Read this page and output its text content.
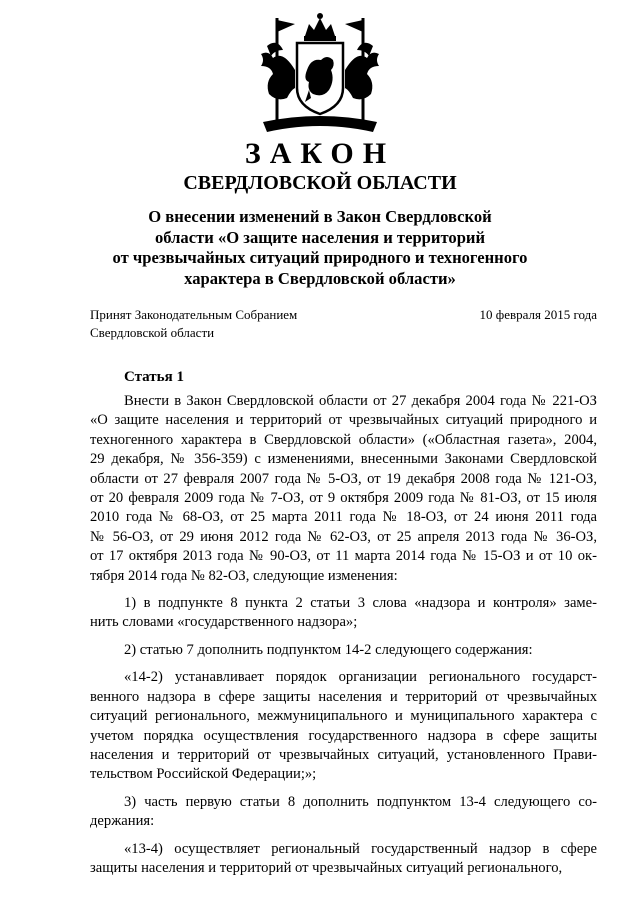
ЗАКОН
СВЕРДЛОВСКОЙ ОБЛАСТИ
О внесении изменений в Закон Свердловской
области «О защите населения и территорий
от чрезвычайных ситуаций природного и техногенного
характера в Свердловской области»
Принят Законодательным Собранием
Свердловской области
10 февраля 2015 года
Статья 1
Внести в Закон Свердловской области от 27 декабря 2004 года № 221-ОЗ
«О защите населения и территорий от чрезвычайных ситуаций природного и
техногенного характера в Свердловской области» («Областная газета», 2004,
29 декабря, № 356-359) с изменениями, внесенными Законами Свердловской
области от 27 февраля 2007 года № 5-ОЗ, от 19 декабря 2008 года № 121-ОЗ,
от 20 февраля 2009 года № 7-ОЗ, от 9 октября 2009 года № 81-ОЗ, от 15 июля
2010 года № 68-ОЗ, от 25 марта 2011 года № 18-ОЗ, от 24 июня 2011 года
№ 56-ОЗ, от 29 июня 2012 года № 62-ОЗ, от 25 апреля 2013 года № 36-ОЗ,
от 17 октября 2013 года № 90-ОЗ, от 11 марта 2014 года № 15-ОЗ и от 10 ок-
тября 2014 года № 82-ОЗ, следующие изменения:
1) в подпункте 8 пункта 2 статьи 3 слова «надзора и контроля» заме-
нить словами «государственного надзора»;
2) статью 7 дополнить подпунктом 14-2 следующего содержания:
«14-2) устанавливает порядок организации регионального государст-
венного надзора в сфере защиты населения и территорий от чрезвычайных
ситуаций регионального, межмуниципального и муниципального характера с
учетом порядка осуществления государственного надзора в сфере защиты
населения и территорий от чрезвычайных ситуаций, установленного Прави-
тельством Российской Федерации;»;
3) часть первую статьи 8 дополнить подпунктом 13-4 следующего со-
держания:
«13-4) осуществляет региональный государственный надзор в сфере
защиты населения и территорий от чрезвычайных ситуаций регионального,
